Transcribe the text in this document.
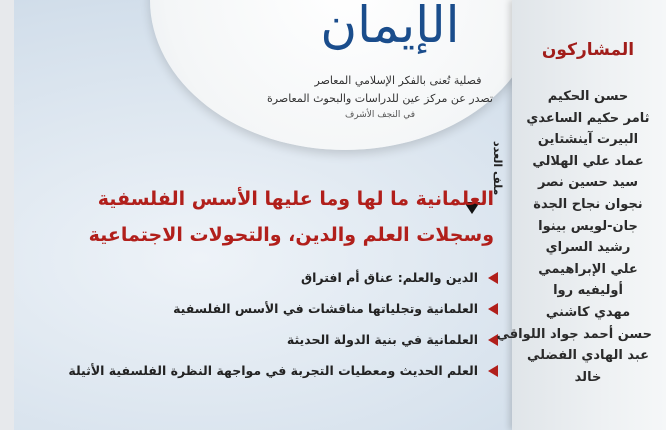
الإيمان
فصلية تُعنى بالفكر الإسلامي المعاصر
تصدر عن مركز عين للدراسات والبحوث المعاصرة
في النجف الأشرف
ملف العدد
العلمانية ما لها وما عليها الأسس الفلسفية
وسجلات العلم والدين، والتحولات الاجتماعية
الدين والعلم: عناق أم افتراق
العلمانية وتجلياتها مناقشات في الأسس الفلسفية
العلمانية في بنية الدولة الحديثة
العلم الحديث ومعطيات التجربة في مواجهة النظرة الفلسفية الأثيلة
المشاركون
حسن الحكيم
ثامر حكيم الساعدي
البيرت آينشتاين
عماد علي الهلالي
سيد حسين نصر
نجوان نجاح الجدة
جان-لويس بينوا
رشيد السراي
علي الإبراهيمي
أوليفيه روا
مهدي كاشني
حسن أحمد جواد اللواقي
عبد الهادي الفضلي
خالد
